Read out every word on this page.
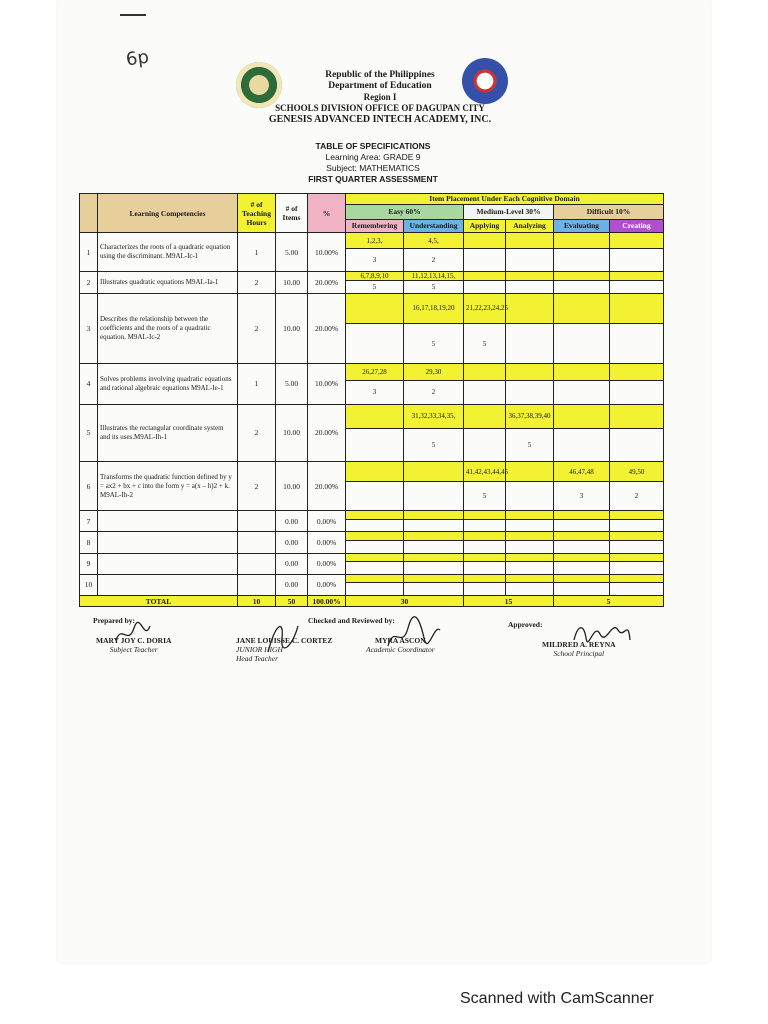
6p
Republic of the Philippines
Department of Education
Region I
SCHOOLS DIVISION OFFICE OF DAGUPAN CITY
GENESIS ADVANCED INTECH ACADEMY, INC.
TABLE OF SPECIFICATIONS
Learning Area: GRADE 9
Subject: MATHEMATICS
FIRST QUARTER ASSESSMENT
	Learning Competencies	# of Teaching Hours	# of Items	%	Item Placement Under Each Cognitive Domain					
					Easy 60%		Medium-Level 30%		Difficult 10%	
					Remembering	Understanding	Applying	Analyzing	Evaluating	Creating
1	Characterizes the roots of a quadratic equation using the discriminant. M9AL-Ic-1	1	5.00	10.00%	1,2,3,	4,5,				
					3	2				
2	Illustrates quadratic equations M9AL-Ia-1	2	10.00	20.00%	6,7,8,9,10	11,12,13,14,15,				
					5	5				
3	Describes the relationship between the coefficients and the roots of a quadratic equation. M9AL-Ic-2	2	10.00	20.00%		16,17,18,19,20	21,22,23,24,25			
						5	5			
4	Solves problems involving quadratic equations and rational algebraic equations M9AL-Ie-1	1	5.00	10.00%	26,27,28	29,30				
					3	2				
5	Illustrates the rectangular coordinate system and its uses.M9AL-Ih-1	2	10.00	20.00%		31,32,33,34,35,		36,37,38,39,40		
						5		5		
6	Transforms the quadratic function defined by y = ax2 + bx + c into the form y = a(x – h)2 + k. M9AL-Ih-2	2	10.00	20.00%			41,42,43,44,45		46,47,48	49,50
							5		3	2
7			0.00	0.00%						

8			0.00	0.00%						

9			0.00	0.00%						

10			0.00	0.00%						

TOTAL		10	50	100.00%	30		15		5	
Prepared by:
MARY JOY C. DORIA
Subject Teacher
Checked and Reviewed by:
JANE LOUISSE C. CORTEZ
JUNIOR HIGH Head Teacher
MYRA ASCON
Academic Coordinator
Approved:
MILDRED A. REYNA
School Principal
Scanned with CamScanner
